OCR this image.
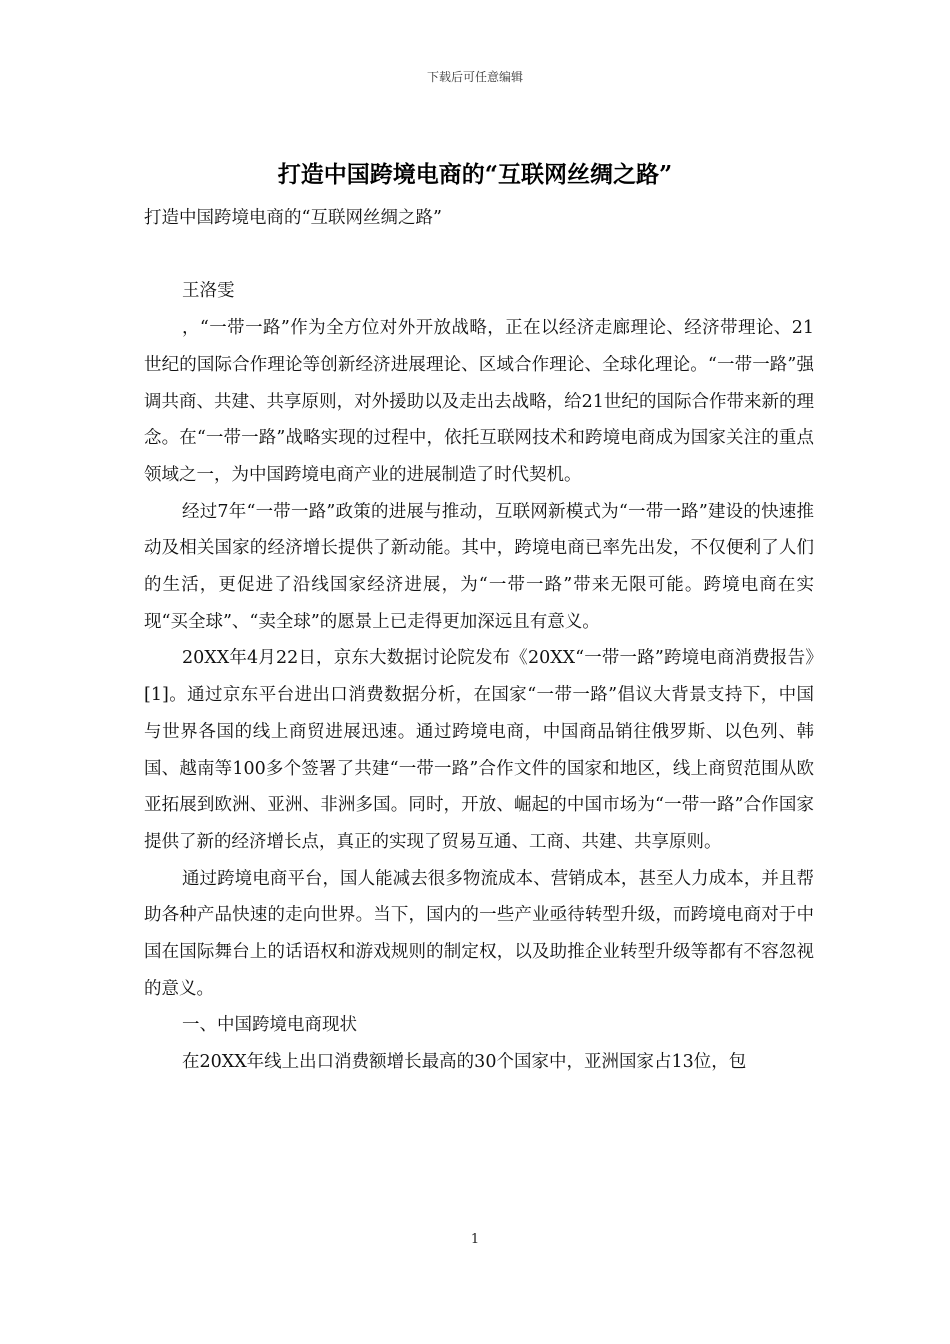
下载后可任意编辑
打造中国跨境电商的“互联网丝绸之路”

打造中国跨境电商的“互联网丝绸之路”

王洛雯

，“一带一路”作为全方位对外开放战略，正在以经济走廊理论、经济带理论、21世纪的国际合作理论等创新经济进展理论、区域合作理论、全球化理论。“一带一路”强调共商、共建、共享原则，对外援助以及走出去战略，给21世纪的国际合作带来新的理念。在“一带一路”战略实现的过程中，依托互联网技术和跨境电商成为国家关注的重点领域之一，为中国跨境电商产业的进展制造了时代契机。

经过7年“一带一路”政策的进展与推动，互联网新模式为“一带一路”建设的快速推动及相关国家的经济增长提供了新动能。其中，跨境电商已率先出发，不仅便利了人们的生活，更促进了沿线国家经济进展，为“一带一路”带来无限可能。跨境电商在实现“买全球”、“卖全球”的愿景上已走得更加深远且有意义。

20XX年4月22日，京东大数据讨论院发布《20XX“一带一路”跨境电商消费报告》[1]。通过京东平台进出口消费数据分析，在国家“一带一路”倡议大背景支持下，中国与世界各国的线上商贸进展迅速。通过跨境电商，中国商品销往俄罗斯、以色列、韩国、越南等100多个签署了共建“一带一路”合作文件的国家和地区，线上商贸范围从欧亚拓展到欧洲、亚洲、非洲多国。同时，开放、崛起的中国市场为“一带一路”合作国家提供了新的经济增长点，真正的实现了贸易互通、工商、共建、共享原则。

通过跨境电商平台，国人能减去很多物流成本、营销成本，甚至人力成本，并且帮助各种产品快速的走向世界。当下，国内的一些产业亟待转型升级，而跨境电商对于中国在国际舞台上的话语权和游戏规则的制定权，以及助推企业转型升级等都有不容忽视的意义。

一、中国跨境电商现状

在20XX年线上出口消费额增长最高的30个国家中，亚洲国家占13位，包

1
